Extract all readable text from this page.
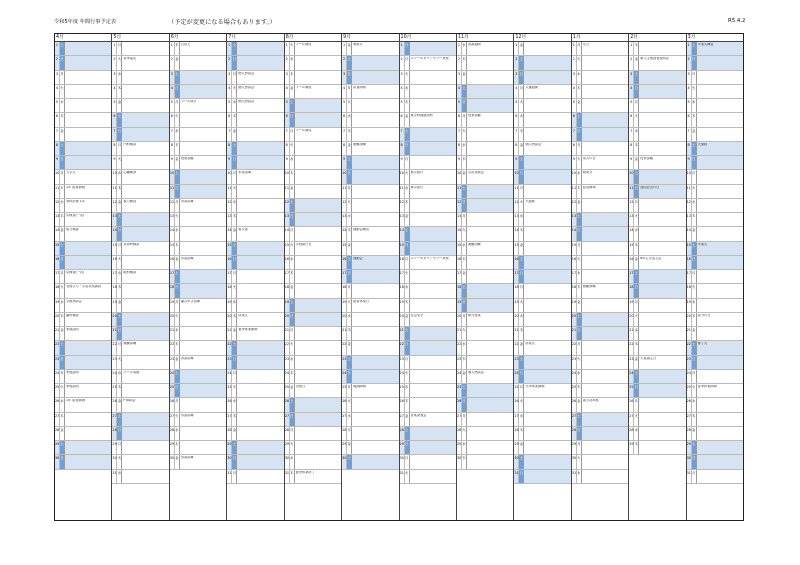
令和5年度 年間行事予定表	（予定が変更になる場合もあります。）	R5.4.2
4月
1 土
2 日
3 月
4 火
5 水
6 木
7 金
8 土
9 日
10 月 入学式
11 火 1年 給食開始
12 水 身体計測 1年
13 木 尿検査(一次)
14 金 視力検査
15 土
16 日
17 月 尿検査(一次)
18 火 全国学力・学習状況調査
19 水 学級懇談会
20 木 歯科検診
21 金 家庭訪問
22 土
23 日
24 月 家庭訪問
25 火 家庭訪問
26 水 1年 給食開始
27 木
28 金
29 土
30 日
5月
1 月
2 火 春季遠足
3 水
4 木
5 金
6 土
7 日
8 月 内科検診
9 火
10 水 心臓検診
11 木
12 金 視力検査
13 土
14 日
15 月 耳鼻科検診
16 火
17 水 眼科検診
18 木
19 金
20 土
21 日
22 月 避難訓練
23 火
24 水 プール清掃
25 木
26 金 PTA総会
27 土
28 日
29 月
30 火
31 水
6月
1 木 衣替え
2 金
3 土
4 日
5 月 プール開き
6 火
7 水
8 木
9 金 授業参観
10 土
11 日
12 月 水泳指導
13 火
14 水
15 木
16 金 水泳指導
17 土
18 日
19 月 歯みがき指導
20 火
21 水
22 木
23 金 水泳指導
24 土
25 日
26 月
27 火 水泳指導
28 水
29 木
30 金 水泳指導
7月
1 土
2 日
3 月 個人懇談会
4 火 個人懇談会
5 水 個人懇談会
6 木
7 金
8 土
9 日
10 月 水泳指導
11 火
12 水
13 木
14 金 着衣泳
15 土
16 日
17 月
18 火
19 水
20 木 終業式
21 金 夏季休業開始
22 土
23 日
24 月
25 火
26 水
27 木
28 金
29 土
30 日
31 月
8月
1 火 プール開放
2 水
3 木
4 金 プール開放
5 土
6 日
7 月 プール開放
8 火
9 水
10 木
11 金
12 土
13 日
14 月
15 火 学校閉庁日
16 水
17 木
18 金
19 土
20 日
21 月
22 火
23 水
24 木
25 金 出校日
26 土
27 日
28 月
29 火
30 水
31 木 夏季休業終了
9月
1 金 始業式
2 土
3 日
4 月 給食開始
5 火
6 水
7 木
8 金 避難訓練
9 土
10 日
11 月
12 火
13 水
14 木 運動会練習
15 金
16 土 運動会
17 日
18 月
19 火 振替休業日
20 水
21 木
22 金
23 土
24 日
25 月 後期開始
26 火
27 水
28 木
29 金
30 土
10月
1 日
2 月 スクールカウンセラー来校
3 火
4 水
5 木
6 金 就学時健康診断
7 土
8 日
9 月
10 火 修学旅行
11 水 修学旅行
12 木
13 金
14 土
15 日
16 月 スクールカウンセラー来校
17 火
18 水
19 木
20 金 社会見学
21 土
22 日
23 月
24 火
25 水
26 木
27 金 音楽発表会
28 土
29 日
30 月
31 火
11月
1 水 読書週間
2 木
3 金
4 土
5 日
6 月 授業参観
7 火
8 水
9 木
10 金 学習発表会
11 土
12 日
13 月
14 火
15 水 避難訓練
16 木
17 金
18 土
19 日
20 月 研究授業
21 火
22 水
23 木
24 金 個人懇談会
25 土
26 日
27 月
28 火
29 水
30 木
12月
1 金
2 土
3 日
4 月 人権週間
5 火
6 水
7 木
8 金 個人懇談会
9 土
10 日
11 月
12 火 大掃除
13 水
14 木
15 金
16 土
17 日
18 月
19 火
20 水
21 木
22 金 終業式
23 土
24 日
25 月 冬季休業開始
26 火
27 水
28 木
29 金
30 土
31 日
1月
1 月 元日
2 火
3 水
4 木
5 金
6 土
7 日
8 月
9 火 成人の日
10 水 始業式
11 木 給食開始
12 金
13 土
14 日
15 月
16 火
17 水
18 木 避難訓練
19 金
20 土
21 日
22 月
23 火
24 水
25 木
26 金 書き初め展
27 土
28 日
29 月
30 火
31 水
2月
1 木
2 金 新入生保護者説明会
3 土
4 日
5 月
6 火
7 水
8 木
9 金 授業参観
10 土
11 日 建国記念の日
12 月
13 火
14 水
15 木
16 金 6年生を送る会
17 土
18 日
19 月
20 火
21 水
22 木
23 金 天皇誕生日
24 土
25 日
26 月
27 火
28 水
29 木
3月
1 土 卒業式練習
2 日
3 月
4 火
5 水
6 木
7 金
8 土 大掃除
9 日
10 月
11 火
12 水
13 木
14 金
15 土 卒業式
16 日
17 月
18 火
19 水
20 木 春分の日
21 金
22 土 修了式
23 日
24 月
25 火 春季休業開始
26 水
27 木
28 金
29 土
30 日
31 月
